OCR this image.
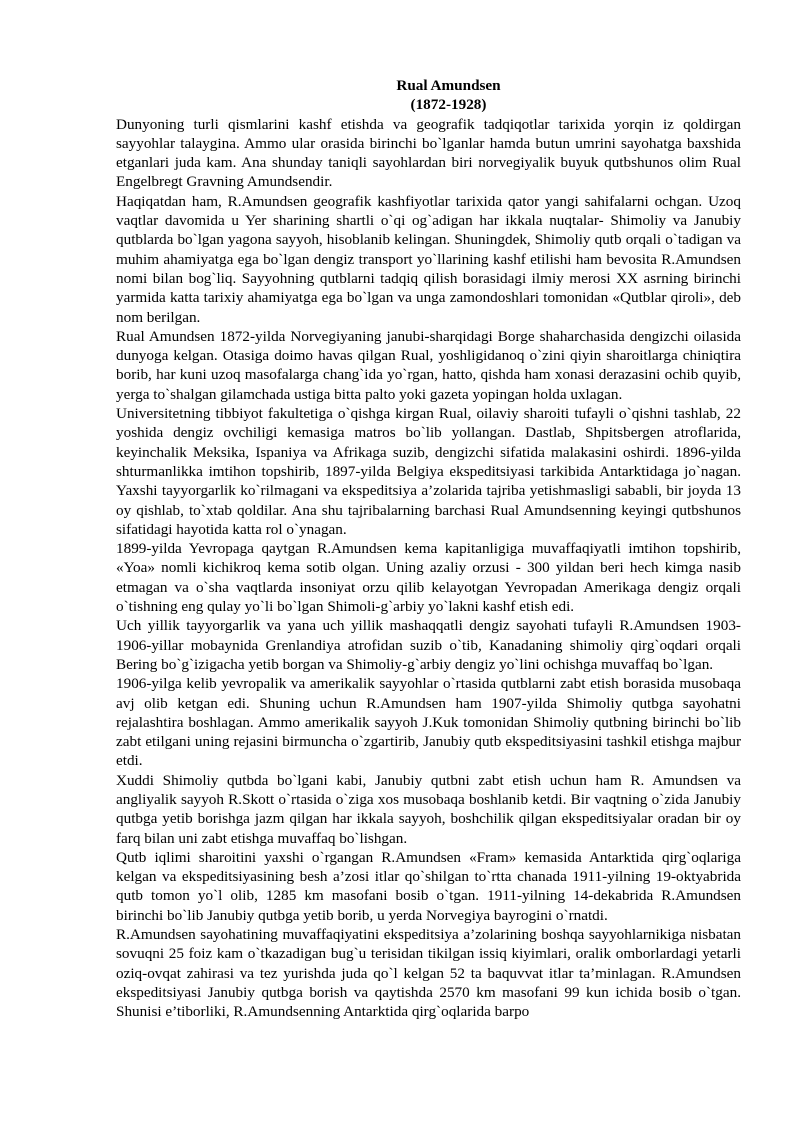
Rual Amundsen

(1872-1928)

Dunyoning turli qismlarini kashf etishda va geografik tadqiqotlar tarixida yorqin iz qoldirgan sayyohlar talaygina. Ammo ular orasida birinchi bo`lganlar hamda butun umrini sayohatga baxshida etganlari juda kam. Ana shunday taniqli sayohlardan biri norvegiyalik buyuk qutbshunos olim Rual Engelbregt Gravning Amundsendir.

Haqiqatdan ham, R.Amundsen geografik kashfiyotlar tarixida qator yangi sahifalarni ochgan. Uzoq vaqtlar davomida u Yer sharining shartli o`qi og`adigan har ikkala nuqtalar- Shimoliy va Janubiy qutblarda bo`lgan yagona sayyoh, hisoblanib kelingan. Shuningdek, Shimoliy qutb orqali o`tadigan va muhim ahamiyatga ega bo`lgan dengiz transport yo`llarining kashf etilishi ham bevosita R.Amundsen nomi bilan bog`liq. Sayyohning qutblarni tadqiq qilish borasidagi ilmiy merosi XX asrning birinchi yarmida katta tarixiy ahamiyatga ega bo`lgan va unga zamondoshlari tomonidan «Qutblar qiroli», deb nom berilgan.

Rual Amundsen 1872-yilda Norvegiyaning janubi-sharqidagi Borge shaharchasida dengizchi oilasida dunyoga kelgan. Otasiga doimo havas qilgan Rual, yoshligidanoq o`zini qiyin sharoitlarga chiniqtira borib, har kuni uzoq masofalarga chang`ida yo`rgan, hatto, qishda ham xonasi derazasini ochib quyib, yerga to`shalgan gilamchada ustiga bitta palto yoki gazeta yopingan holda uxlagan.

Universitetning tibbiyot fakultetiga o`qishga kirgan Rual, oilaviy sharoiti tufayli o`qishni tashlab, 22 yoshida dengiz ovchiligi kemasiga matros bo`lib yollangan. Dastlab, Shpitsbergen atroflarida, keyinchalik Meksika, Ispaniya va Afrikaga suzib, dengizchi sifatida malakasini oshirdi. 1896-yilda shturmanlikka imtihon topshirib, 1897-yilda Belgiya ekspeditsiyasi tarkibida Antarktidaga jo`nagan. Yaxshi tayyorgarlik ko`rilmagani va ekspeditsiya a’zolarida tajriba yetishmasligi sababli, bir joyda 13 oy qishlab, to`xtab qoldilar. Ana shu tajribalarning barchasi Rual Amundsenning keyingi qutbshunos sifatidagi hayotida katta rol o`ynagan.

1899-yilda Yevropaga qaytgan R.Amundsen kema kapitanligiga muvaffaqiyatli imtihon topshirib, «Yoa» nomli kichikroq kema sotib olgan. Uning azaliy orzusi - 300 yildan beri hech kimga nasib etmagan va o`sha vaqtlarda insoniyat orzu qilib kelayotgan Yevropadan Amerikaga dengiz orqali o`tishning eng qulay yo`li bo`lgan Shimoli-g`arbiy yo`lakni kashf etish edi.

Uch yillik tayyorgarlik va yana uch yillik mashaqqatli dengiz sayohati tufayli R.Amundsen 1903-1906-yillar mobaynida Grenlandiya atrofidan suzib o`tib, Kanadaning shimoliy qirg`oqdari orqali Bering bo`g`izigacha yetib borgan va Shimoliy-g`arbiy dengiz yo`lini ochishga muvaffaq bo`lgan.

1906-yilga kelib yevropalik va amerikalik sayyohlar o`rtasida qutblarni zabt etish borasida musobaqa avj olib ketgan edi. Shuning uchun R.Amundsen ham 1907-yilda Shimoliy qutbga sayohatni rejalashtira boshlagan. Ammo amerikalik sayyoh J.Kuk tomonidan Shimoliy qutbning birinchi bo`lib zabt etilgani uning rejasini birmuncha o`zgartirib, Janubiy qutb ekspeditsiyasini tashkil etishga majbur etdi.

Xuddi Shimoliy qutbda bo`lgani kabi, Janubiy qutbni zabt etish uchun ham R. Amundsen va angliyalik sayyoh R.Skott o`rtasida o`ziga xos musobaqa boshlanib ketdi. Bir vaqtning o`zida Janubiy qutbga yetib borishga jazm qilgan har ikkala sayyoh, boshchilik qilgan ekspeditsiyalar oradan bir oy farq bilan uni zabt etishga muvaffaq bo`lishgan.

Qutb iqlimi sharoitini yaxshi o`rgangan R.Amundsen «Fram» kemasida Antarktida qirg`oqlariga kelgan va ekspeditsiyasining besh a’zosi itlar qo`shilgan to`rtta chanada 1911-yilning 19-oktyabrida qutb tomon yo`l olib, 1285 km masofani bosib o`tgan. 1911-yilning 14-dekabrida R.Amundsen birinchi bo`lib Janubiy qutbga yetib borib, u yerda Norvegiya bayrogini o`rnatdi.

R.Amundsen sayohatining muvaffaqiyatini ekspeditsiya a’zolarining boshqa sayyohlarnikiga nisbatan sovuqni 25 foiz kam o`tkazadigan bug`u terisidan tikilgan issiq kiyimlari, oralik omborlardagi yetarli oziq-ovqat zahirasi va tez yurishda juda qo`l kelgan 52 ta baquvvat itlar ta’minlagan. R.Amundsen ekspeditsiyasi Janubiy qutbga borish va qaytishda 2570 km masofani 99 kun ichida bosib o`tgan. Shunisi e’tiborliki, R.Amundsenning Antarktida qirg`oqlarida barpo
